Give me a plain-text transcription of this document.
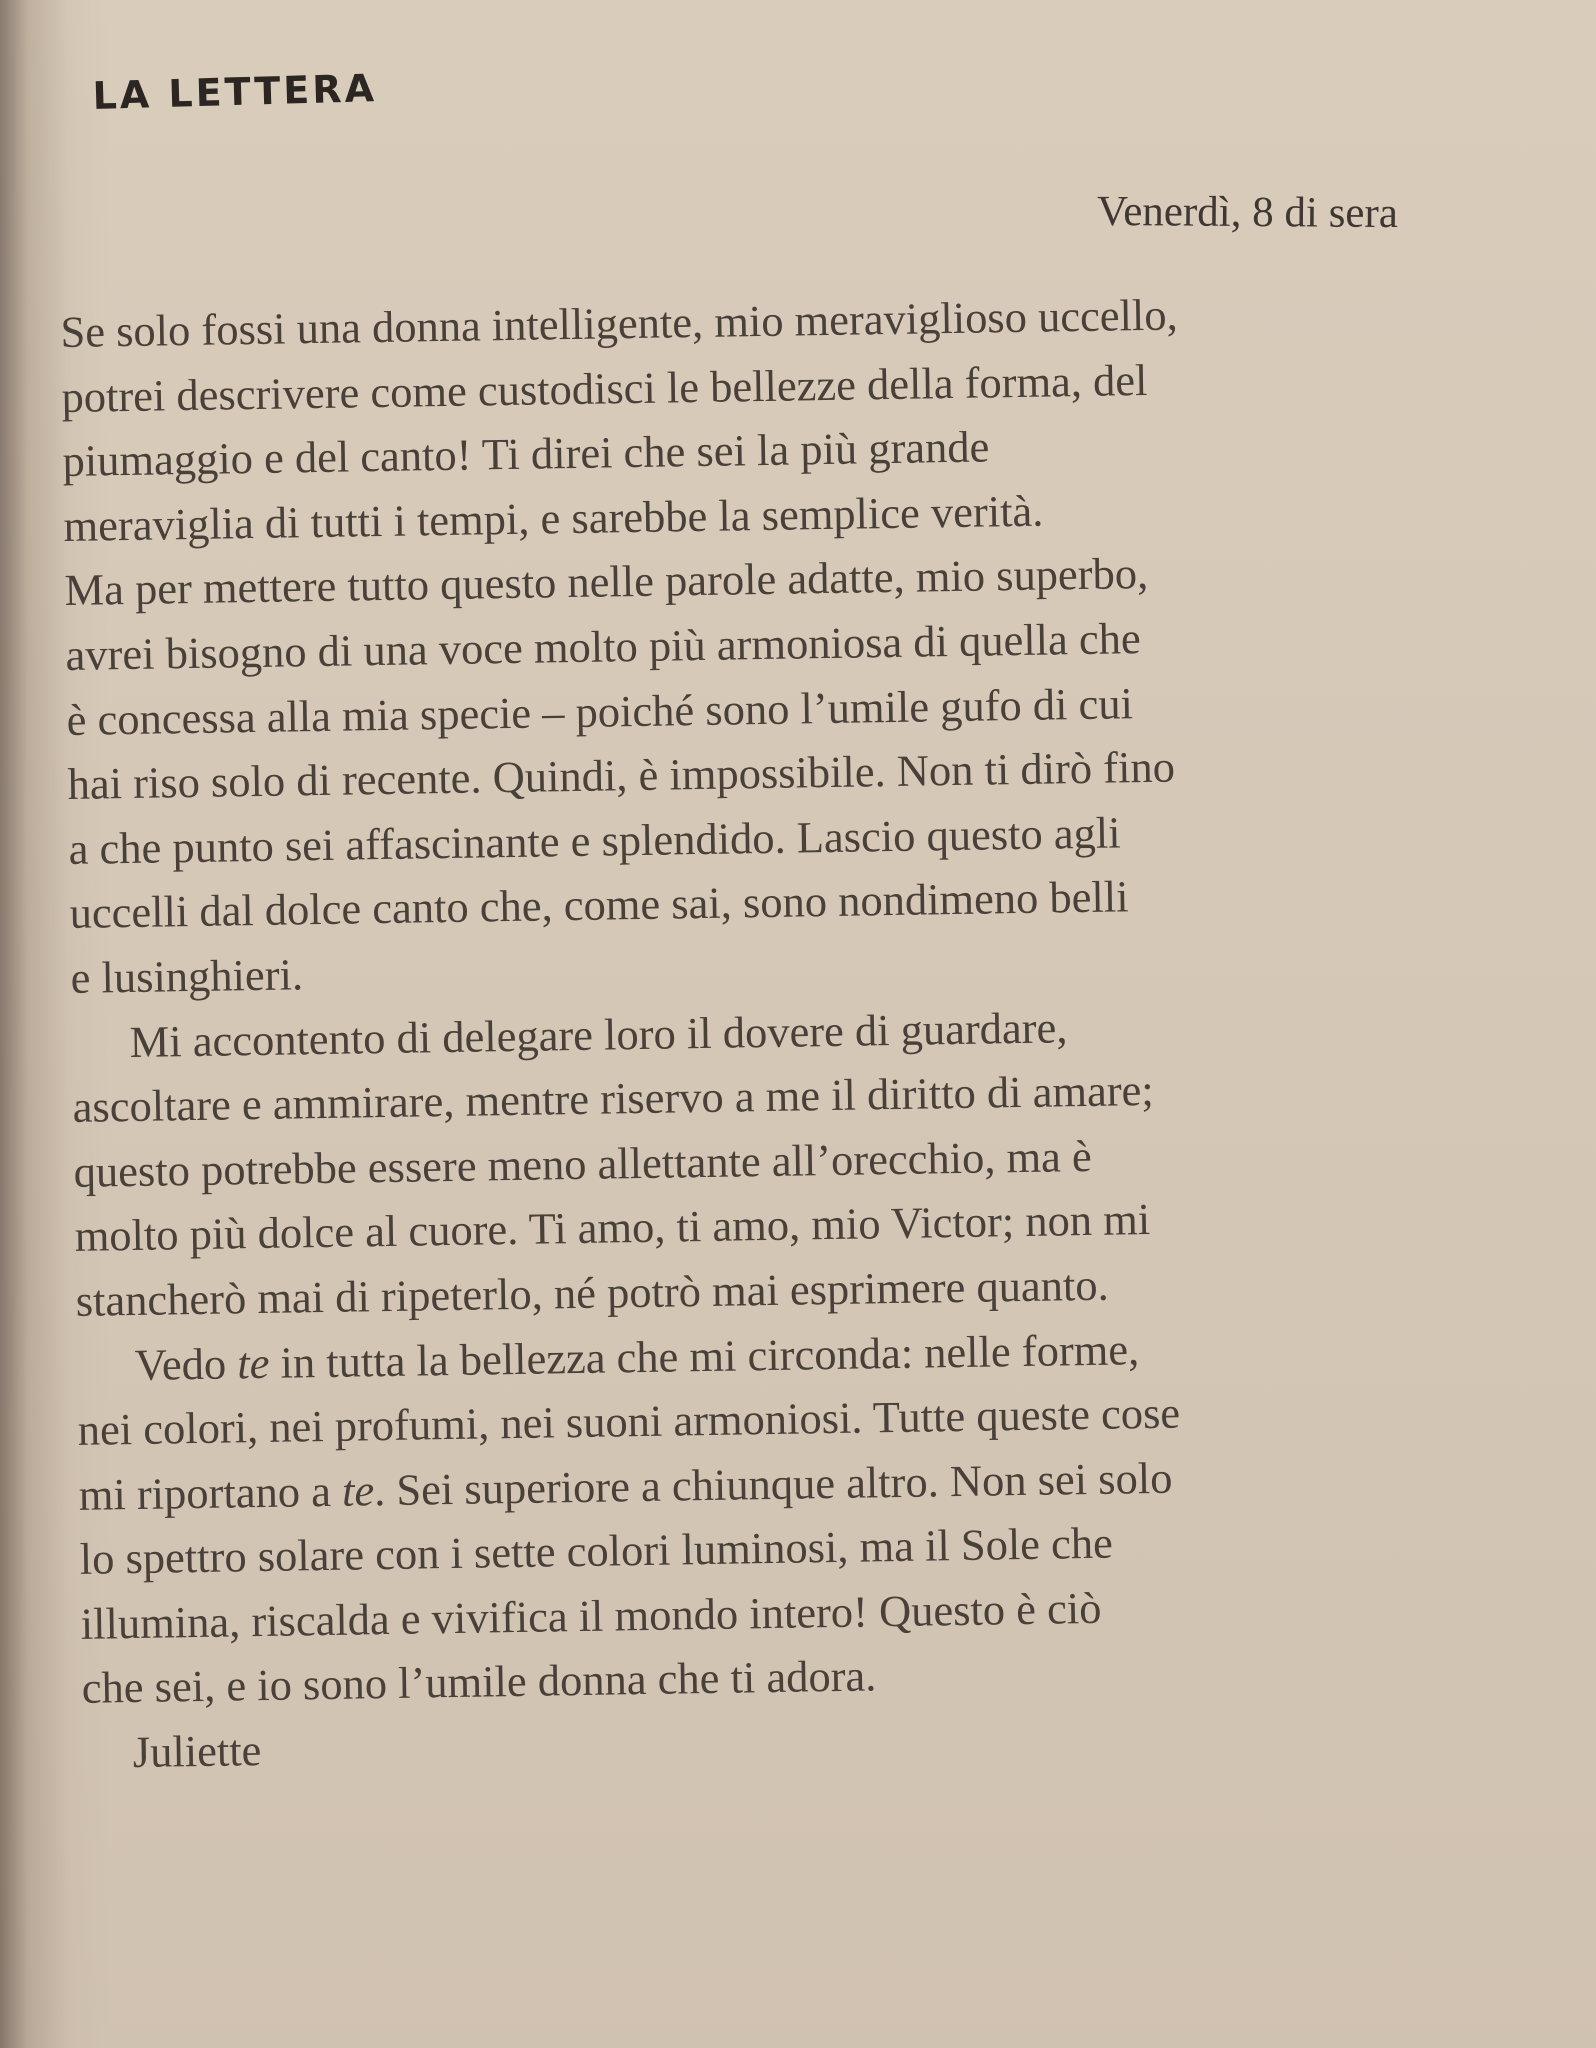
LA LETTERA
Venerdì, 8 di sera
Se solo fossi una donna intelligente, mio meraviglioso uccello,
potrei descrivere come custodisci le bellezze della forma, del
piumaggio e del canto! Ti direi che sei la più grande
meraviglia di tutti i tempi, e sarebbe la semplice verità.
Ma per mettere tutto questo nelle parole adatte, mio superbo,
avrei bisogno di una voce molto più armoniosa di quella che
è concessa alla mia specie – poiché sono l’umile gufo di cui
hai riso solo di recente. Quindi, è impossibile. Non ti dirò fino
a che punto sei affascinante e splendido. Lascio questo agli
uccelli dal dolce canto che, come sai, sono nondimeno belli
e lusinghieri.
Mi accontento di delegare loro il dovere di guardare,
ascoltare e ammirare, mentre riservo a me il diritto di amare;
questo potrebbe essere meno allettante all’orecchio, ma è
molto più dolce al cuore. Ti amo, ti amo, mio Victor; non mi
stancherò mai di ripeterlo, né potrò mai esprimere quanto.
Vedo te in tutta la bellezza che mi circonda: nelle forme,
nei colori, nei profumi, nei suoni armoniosi. Tutte queste cose
mi riportano a te. Sei superiore a chiunque altro. Non sei solo
lo spettro solare con i sette colori luminosi, ma il Sole che
illumina, riscalda e vivifica il mondo intero! Questo è ciò
che sei, e io sono l’umile donna che ti adora.
Juliette
